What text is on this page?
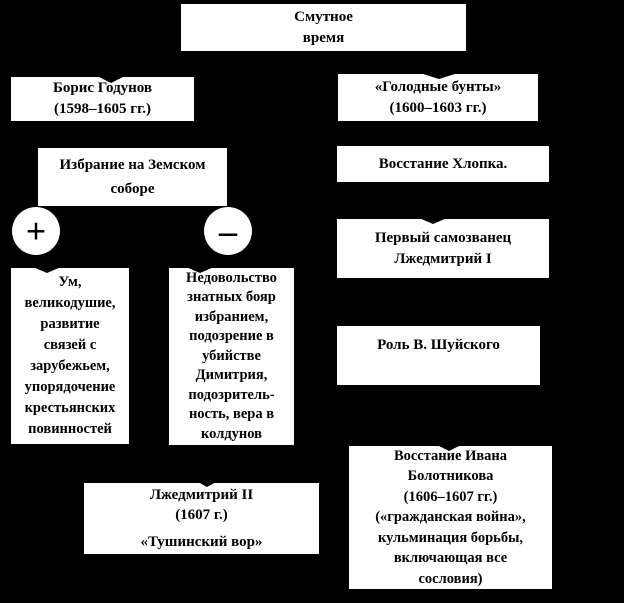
Смутное
время
Борис Годунов
(1598–1605 гг.)
«Голодные бунты»
(1600–1603 гг.)
Избрание на Земском
соборе
Восстание Хлопка.
+	–
Ум,
великодушие,
развитие
связей с
зарубежьем,
упорядочение
крестьянских
повинностей
Недовольство
знатных бояр
избранием,
подозрение в
убийстве
Димитрия,
подозритель-
ность, вера в
колдунов
Первый самозванец
Лжедмитрий I
Роль В. Шуйского
Лжедмитрий II
(1607 г.)
«Тушинский вор»
Восстание Ивана
Болотникова
(1606–1607 гг.)
(«гражданская война»,
кульминация борьбы,
включающая все
сословия)
